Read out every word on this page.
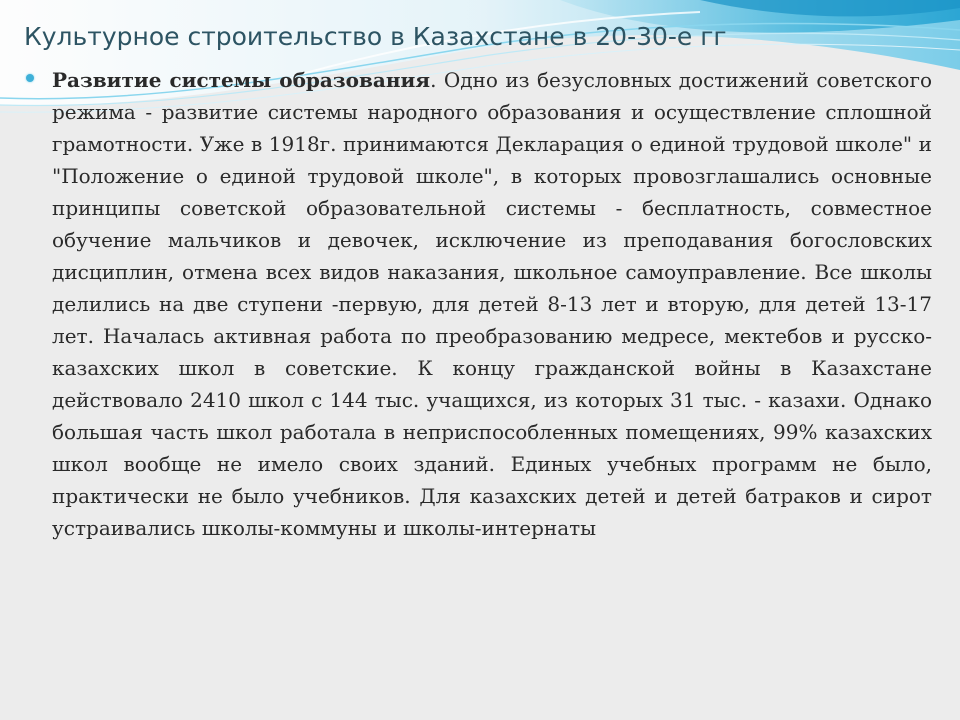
Культурное строительство в Казахстане в 20-30-е гг

Развитие системы образования. Одно из безусловных достижений советского режима - развитие системы народного образования и осуществление сплошной грамотности. Уже в 1918г. принимаются Декларация о единой трудовой школе" и "Положение о единой трудовой школе", в которых провозглашались основные принципы советской образовательной системы - бесплатность, совместное обучение мальчиков и девочек, исключение из преподавания богословских дисциплин, отмена всех видов наказания, школьное самоуправление. Все школы делились на две ступени -первую, для детей 8-13 лет и вторую, для детей 13-17 лет. Началась активная работа по преобразованию медресе, мектебов и русско-казахских школ в советские. К концу гражданской войны в Казахстане действовало 2410 школ с 144 тыс. учащихся, из которых 31 тыс. - казахи. Однако большая часть школ работала в неприспособленных помещениях, 99% казахских школ вообще не имело своих зданий. Единых учебных программ не было, практически не было учебников. Для казахских детей и детей батраков и сирот устраивались школы-коммуны и школы-интернаты
